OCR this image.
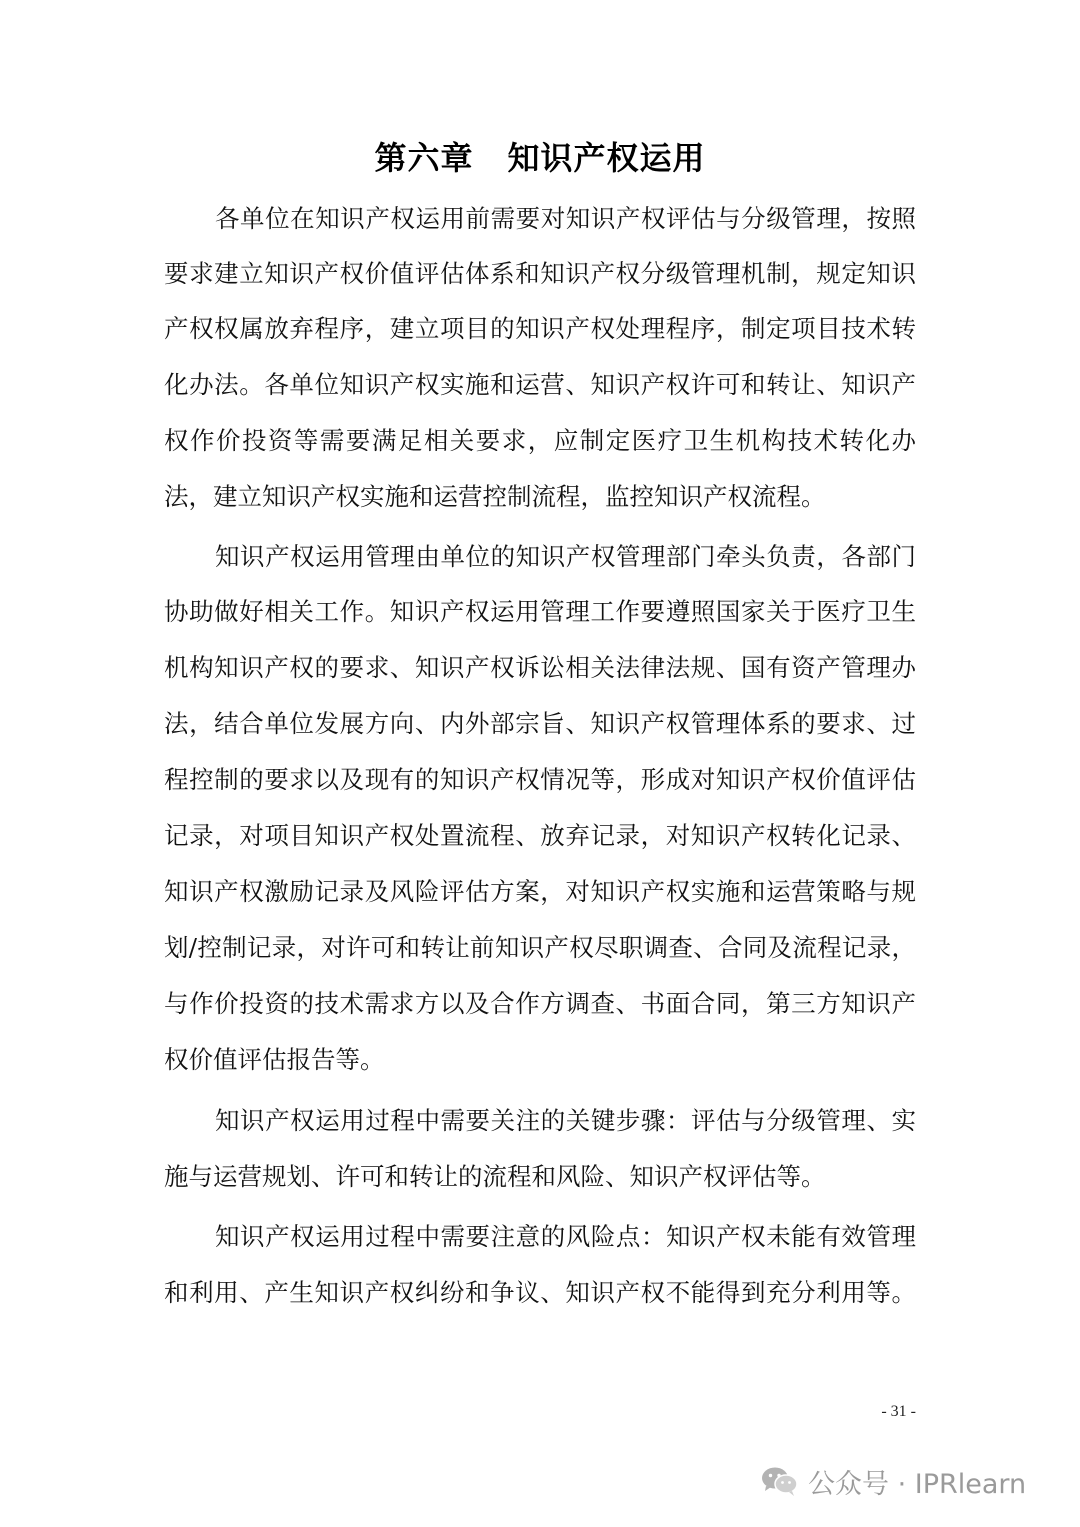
第六章 知识产权运用
各单位在知识产权运用前需要对知识产权评估与分级管理，按照
要求建立知识产权价值评估体系和知识产权分级管理机制，规定知识
产权权属放弃程序，建立项目的知识产权处理程序，制定项目技术转
化办法。各单位知识产权实施和运营、知识产权许可和转让、知识产
权作价投资等需要满足相关要求，应制定医疗卫生机构技术转化办
法，建立知识产权实施和运营控制流程，监控知识产权流程。
知识产权运用管理由单位的知识产权管理部门牵头负责，各部门
协助做好相关工作。知识产权运用管理工作要遵照国家关于医疗卫生
机构知识产权的要求、知识产权诉讼相关法律法规、国有资产管理办
法，结合单位发展方向、内外部宗旨、知识产权管理体系的要求、过
程控制的要求以及现有的知识产权情况等，形成对知识产权价值评估
记录，对项目知识产权处置流程、放弃记录，对知识产权转化记录、
知识产权激励记录及风险评估方案，对知识产权实施和运营策略与规
划/控制记录，对许可和转让前知识产权尽职调查、合同及流程记录，
与作价投资的技术需求方以及合作方调查、书面合同，第三方知识产
权价值评估报告等。
知识产权运用过程中需要关注的关键步骤：评估与分级管理、实
施与运营规划、许可和转让的流程和风险、知识产权评估等。
知识产权运用过程中需要注意的风险点：知识产权未能有效管理
和利用、产生知识产权纠纷和争议、知识产权不能得到充分利用等。
- 31 -
公众号 · IPRlearn
